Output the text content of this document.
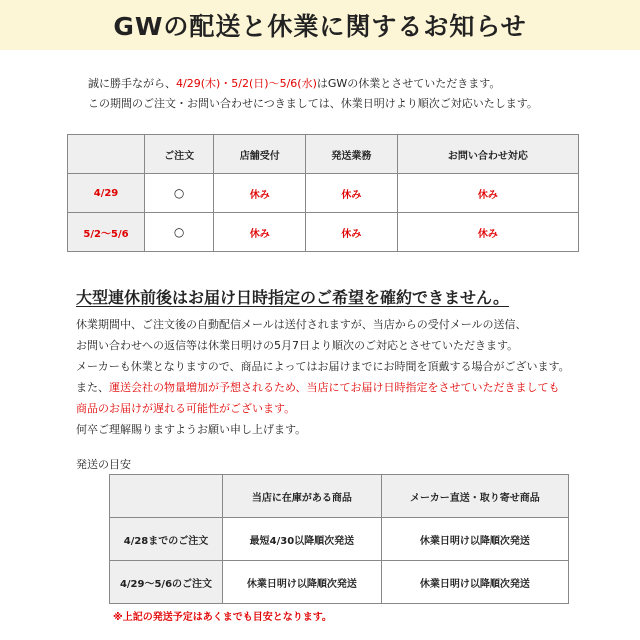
GWの配送と休業に関するお知らせ

誠に勝手ながら、4/29(木)・5/2(日)～5/6(水)はGWの休業とさせていただきます。

この期間のご注文・お問い合わせにつきましては、休業日明けより順次ご対応いたします。

	ご注文	店舗受付	発送業務	お問い合わせ対応
4/29	○	休み	休み	休み
5/2～5/6	○	休み	休み	休み
大型連休前後はお届け日時指定のご希望を確約できません。

休業期間中、ご注文後の自動配信メールは送付されますが、当店からの受付メールの送信、

お問い合わせへの返信等は休業日明けの5月7日より順次のご対応とさせていただきます。

メーカーも休業となりますので、商品によってはお届けまでにお時間を頂戴する場合がございます。

また、運送会社の物量増加が予想されるため、当店にてお届け日時指定をさせていただきましても

商品のお届けが遅れる可能性がございます。

何卒ご理解賜りますようお願い申し上げます。

発送の目安
	当店に在庫がある商品	メーカー直送・取り寄せ商品
4/28までのご注文	最短4/30以降順次発送	休業日明け以降順次発送
4/29～5/6のご注文	休業日明け以降順次発送	休業日明け以降順次発送

※上記の発送予定はあくまでも目安となります。
